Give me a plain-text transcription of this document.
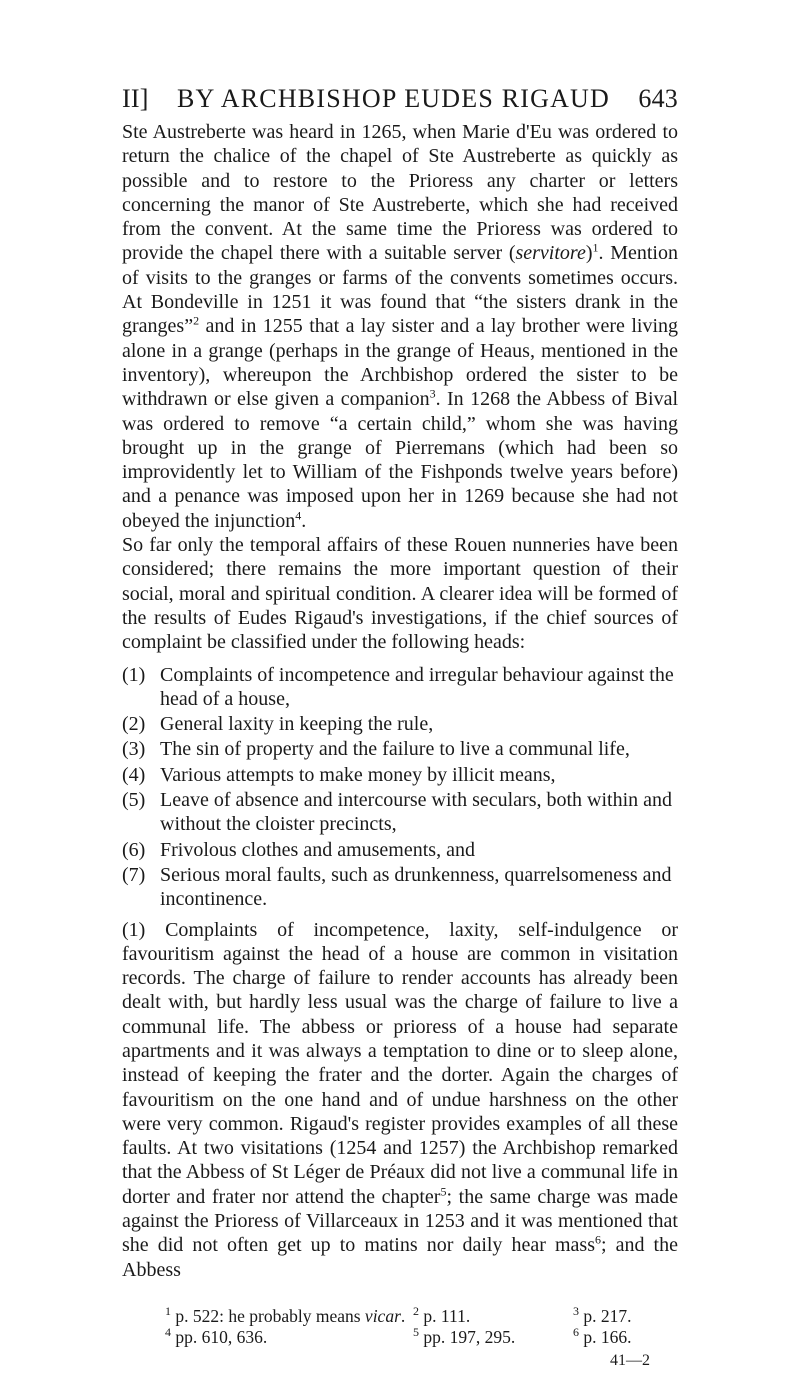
II] BY ARCHBISHOP EUDES RIGAUD 643

Ste Austreberte was heard in 1265, when Marie d'Eu was ordered to return the chalice of the chapel of Ste Austreberte as quickly as possible and to restore to the Prioress any charter or letters concerning the manor of Ste Austreberte, which she had received from the convent. At the same time the Prioress was ordered to provide the chapel there with a suitable server (servitore)$^1$. Mention of visits to the granges or farms of the convents sometimes occurs. At Bondeville in 1251 it was found that “the sisters drank in the granges”$^2$ and in 1255 that a lay sister and a lay brother were living alone in a grange (perhaps in the grange of Heaus, mentioned in the inventory), whereupon the Archbishop ordered the sister to be withdrawn or else given a companion$^3$. In 1268 the Abbess of Bival was ordered to remove “a certain child,” whom she was having brought up in the grange of Pierremans (which had been so improvidently let to William of the Fishponds twelve years before) and a penance was imposed upon her in 1269 because she had not obeyed the injunction$^4$.

So far only the temporal affairs of these Rouen nunneries have been considered; there remains the more important question of their social, moral and spiritual condition. A clearer idea will be formed of the results of Eudes Rigaud's investigations, if the chief sources of complaint be classified under the following heads:

(1) Complaints of incompetence and irregular behaviour against the head of a house,
(2) General laxity in keeping the rule,
(3) The sin of property and the failure to live a communal life,
(4) Various attempts to make money by illicit means,
(5) Leave of absence and intercourse with seculars, both within and without the cloister precincts,
(6) Frivolous clothes and amusements, and
(7) Serious moral faults, such as drunkenness, quarrelsomeness and incontinence.

(1) Complaints of incompetence, laxity, self-indulgence or favouritism against the head of a house are common in visitation records. The charge of failure to render accounts has already been dealt with, but hardly less usual was the charge of failure to live a communal life. The abbess or prioress of a house had separate apartments and it was always a temptation to dine or to sleep alone, instead of keeping the frater and the dorter. Again the charges of favouritism on the one hand and of undue harshness on the other were very common. Rigaud's register provides examples of all these faults. At two visitations (1254 and 1257) the Archbishop remarked that the Abbess of St Léger de Préaux did not live a communal life in dorter and frater nor attend the chapter$^5$; the same charge was made against the Prioress of Villarceaux in 1253 and it was mentioned that she did not often get up to matins nor daily hear mass$^6$; and the Abbess

$^1$ p. 522: he probably means vicar. $^2$ p. 111.	$^3$ p. 217.
$^4$ pp. 610, 636.	$^5$ pp. 197, 295.	$^6$ p. 166.
41—2
